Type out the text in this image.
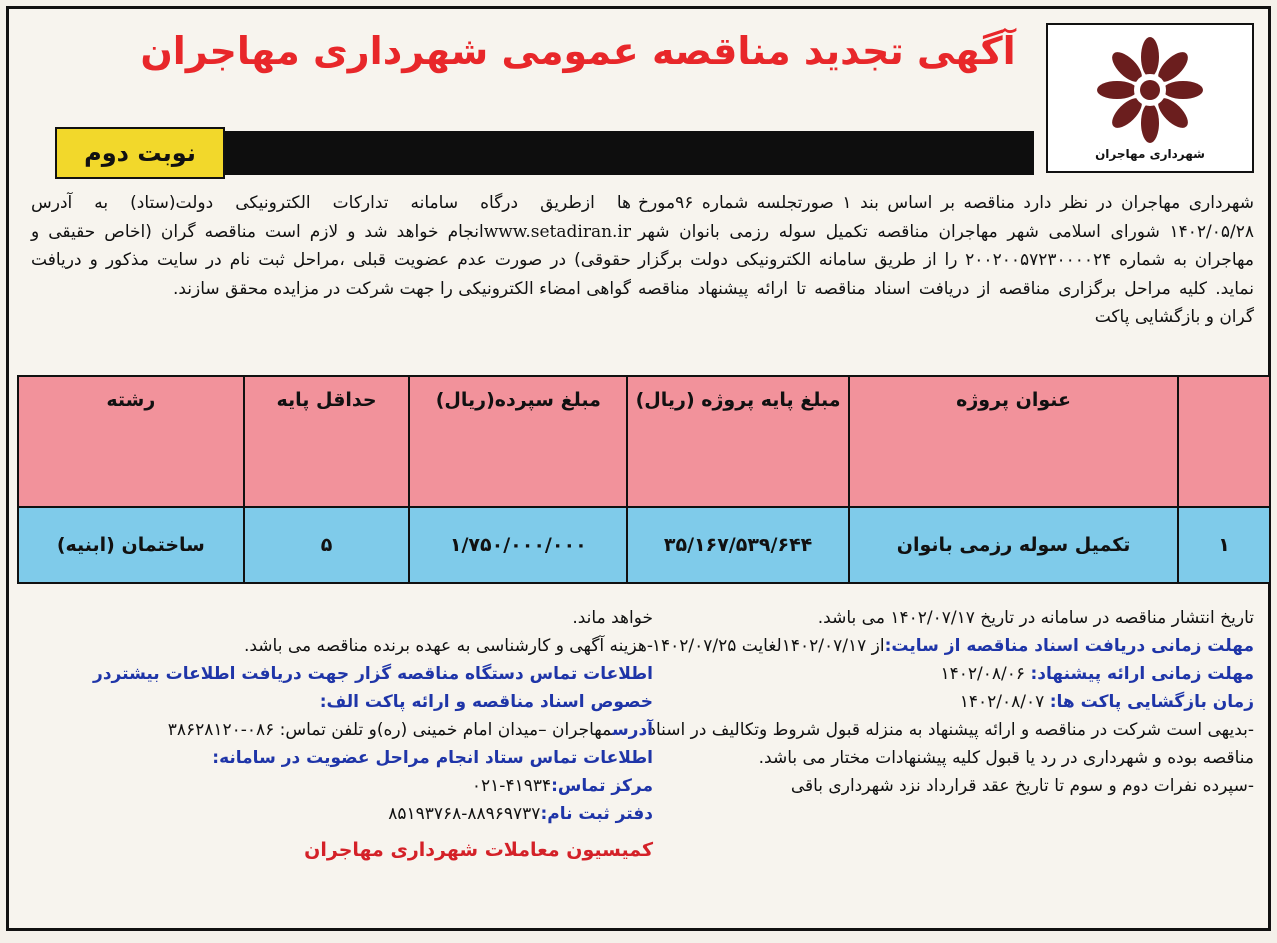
شهرداری مهاجران
آگهی تجدید مناقصه عمومی شهرداری مهاجران
نوبت دوم
شهرداری مهاجران در نظر دارد مناقصه بر اساس بند ۱ صورتجلسه شماره ۹۶مورخ ۱۴۰۲/۰۵/۲۸ شورای اسلامی شهر مهاجران مناقصه تکمیل سوله رزمی بانوان شهر مهاجران به شماره ۲۰۰۲۰۰۵۷۲۳۰۰۰۰۲۴ را از طریق سامانه الکترونیکی دولت برگزار نماید. کلیه مراحل برگزاری مناقصه از دریافت اسناد مناقصه تا ارائه پیشنهاد مناقصه گران و بازگشایی پاکت
ها ازطریق درگاه سامانه تدارکات الکترونیکی دولت(ستاد) به آدرس www.setadiran.irانجام خواهد شد و لازم است مناقصه گران (اخاص حقیقی و حقوقی) در صورت عدم عضویت قبلی ،مراحل ثبت نام در سایت مذکور و دریافت گواهی امضاء الکترونیکی را جهت شرکت در مزایده محقق سازند.
	عنوان پروژه	مبلغ پایه پروژه (ریال)	مبلغ سپرده(ریال)	حداقل پایه	رشته
۱	تکمیل سوله رزمی بانوان	۳۵/۱۶۷/۵۳۹/۶۴۴	۱/۷۵۰/۰۰۰/۰۰۰	۵	ساختمان (ابنیه)

تاریخ انتشار مناقصه در سامانه در تاریخ ۱۴۰۲/۰۷/۱۷ می باشد.

مهلت زمانی دریافت اسناد مناقصه از سایت:از ۱۴۰۲/۰۷/۱۷لغایت ۱۴۰۲/۰۷/۲۵

مهلت زمانی ارائه پیشنهاد: ۱۴۰۲/۰۸/۰۶

زمان بازگشایی پاکت ها: ۱۴۰۲/۰۸/۰۷

-بدیهی است شرکت در مناقصه و ارائه پیشنهاد به منزله قبول شروط وتکالیف در اسناد مناقصه بوده و شهرداری در رد یا قبول کلیه پیشنهادات مختار می باشد.

-سپرده نفرات دوم و سوم تا تاریخ عقد قرارداد نزد شهرداری باقی

خواهد ماند.

-هزینه آگهی و کارشناسی به عهده برنده مناقصه می باشد.

اطلاعات تماس دستگاه مناقصه گزار جهت دریافت اطلاعات بیشتردر خصوص اسناد مناقصه و ارائه پاکت الف:

آدرسمهاجران –میدان امام خمینی (ره)و تلفن تماس: ۰۸۶-۳۸۶۲۸۱۲۰

اطلاعات تماس ستاد انجام مراحل عضویت در سامانه:

مرکز تماس:۴۱۹۳۴-۰۲۱

دفتر ثبت نام:۸۸۹۶۹۷۳۷-۸۵۱۹۳۷۶۸

کمیسیون معاملات شهرداری مهاجران
